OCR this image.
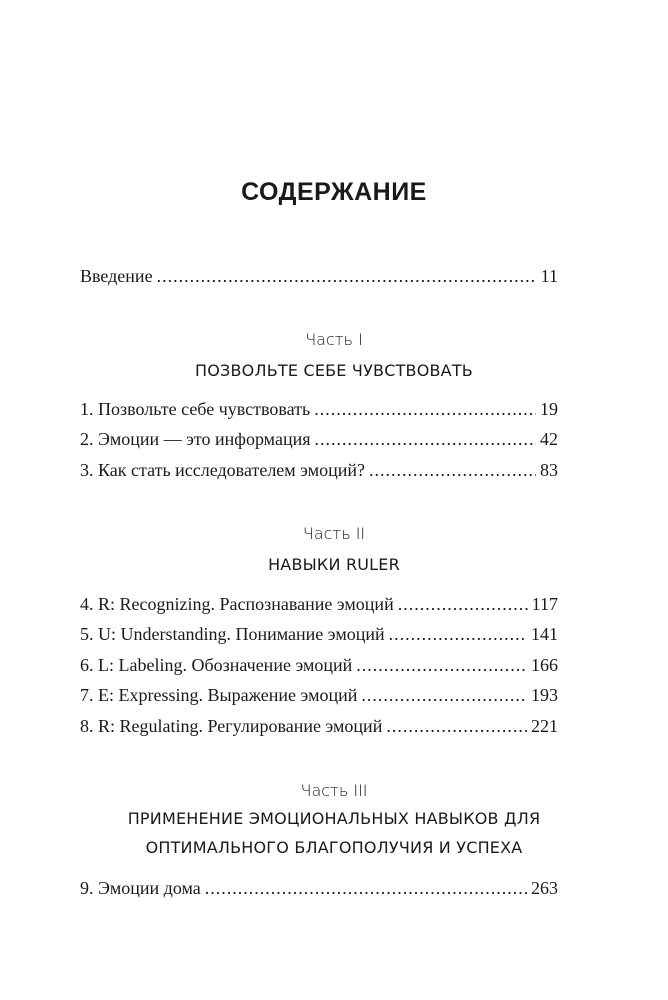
СОДЕРЖАНИЕ
Введение .....	11
Часть I
ПОЗВОЛЬТЕ СЕБЕ ЧУВСТВОВАТЬ
1. Позвольте себе чувствовать .....	19
2. Эмоции — это информация .....	42
3. Как стать исследователем эмоций? .....	83
Часть II
НАВЫКИ RULER
4. R: Recognizing. Распознавание эмоций .....	117
5. U: Understanding. Понимание эмоций .....	141
6. L: Labeling. Обозначение эмоций .....	166
7. E: Expressing. Выражение эмоций .....	193
8. R: Regulating. Регулирование эмоций .....	221
Часть III
ПРИМЕНЕНИЕ ЭМОЦИОНАЛЬНЫХ НАВЫКОВ ДЛЯ
ОПТИМАЛЬНОГО БЛАГОПОЛУЧИЯ И УСПЕХА
9. Эмоции дома .....	263
